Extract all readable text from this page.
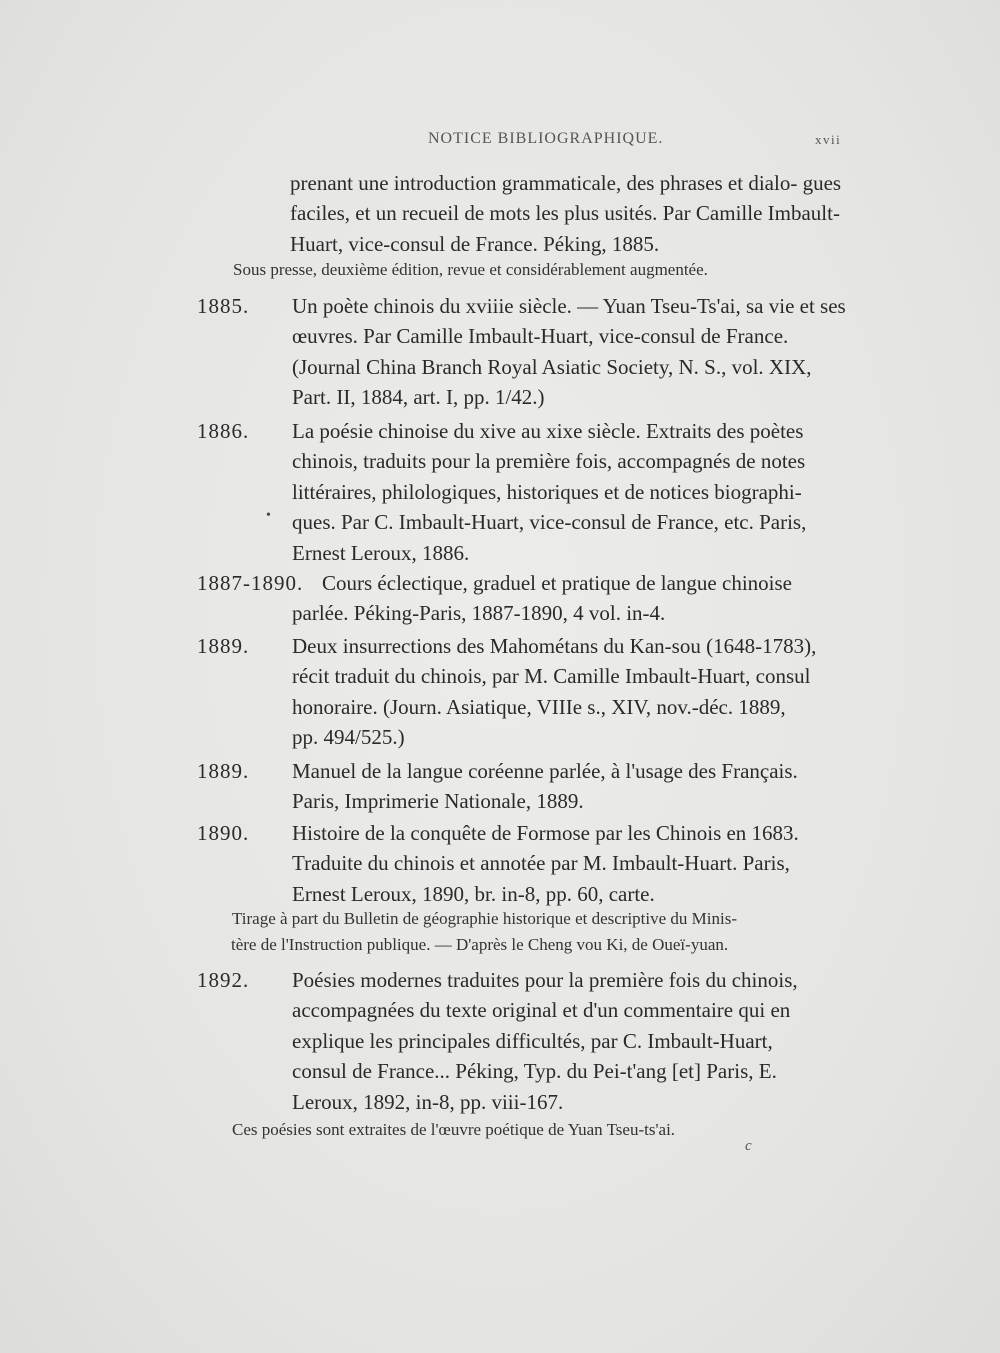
NOTICE BIBLIOGRAPHIQUE.	xvii
prenant une introduction grammaticale, des phrases et dialo- gues faciles, et un recueil de mots les plus usités. Par Camille Imbault-Huart, vice-consul de France. Péking, 1885.
Sous presse, deuxième édition, revue et considérablement augmentée.
1885. Un poète chinois du xviiie siècle. — Yuan Tseu-Ts'ai, sa vie et ses
œuvres. Par Camille Imbault-Huart, vice-consul de France.
(Journal China Branch Royal Asiatic Society, N. S., vol. XIX,
Part. II, 1884, art. I, pp. 1/42.)
1886. La poésie chinoise du xive au xixe siècle. Extraits des poètes
chinois, traduits pour la première fois, accompagnés de notes
littéraires, philologiques, historiques et de notices biographi-
ques. Par C. Imbault-Huart, vice-consul de France, etc. Paris,
Ernest Leroux, 1886.
•
1887-1890. Cours éclectique, graduel et pratique de langue chinoise
parlée. Péking-Paris, 1887-1890, 4 vol. in-4.
1889. Deux insurrections des Mahométans du Kan-sou (1648-1783),
récit traduit du chinois, par M. Camille Imbault-Huart, consul
honoraire. (Journ. Asiatique, VIIIe s., XIV, nov.-déc. 1889,
pp. 494/525.)
1889. Manuel de la langue coréenne parlée, à l'usage des Français.
Paris, Imprimerie Nationale, 1889.
1890. Histoire de la conquête de Formose par les Chinois en 1683.
Traduite du chinois et annotée par M. Imbault-Huart. Paris,
Ernest Leroux, 1890, br. in-8, pp. 60, carte.
Tirage à part du Bulletin de géographie historique et descriptive du Minis-
tère de l'Instruction publique. — D'après le Cheng vou Ki, de Oueï-yuan.
1892. Poésies modernes traduites pour la première fois du chinois,
accompagnées du texte original et d'un commentaire qui en
explique les principales difficultés, par C. Imbault-Huart,
consul de France... Péking, Typ. du Pei-t'ang [et] Paris, E.
Leroux, 1892, in-8, pp. viii-167.
Ces poésies sont extraites de l'œuvre poétique de Yuan Tseu-ts'ai.
c
